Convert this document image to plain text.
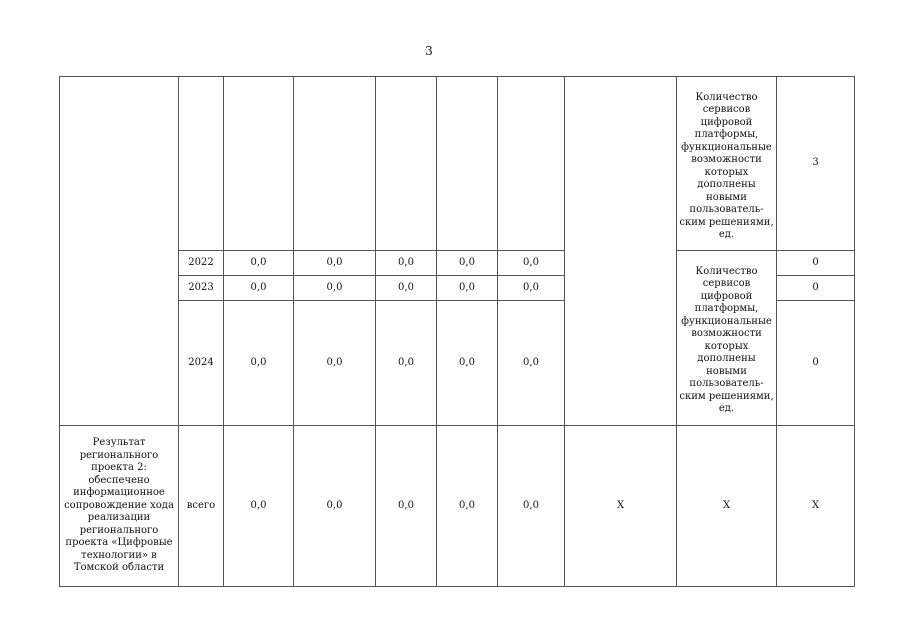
3

								Количество сервисов цифровой платформы, функциональные возможности которых дополнены новыми пользователь-ским решениями, ед.	3
	2022	0,0	0,0	0,0	0,0	0,0		Количество сервисов цифровой платформы, функциональные возможности которых дополнены новыми пользователь-ским решениями, ед.	0
	2023	0,0	0,0	0,0	0,0	0,0			0
	2024	0,0	0,0	0,0	0,0	0,0			0
Результат регионального проекта 2: обеспечено информационное сопровождение хода реализации регионального проекта «Цифровые технологии» в Томской области	всего	0,0	0,0	0,0	0,0	0,0	Х	Х	Х
